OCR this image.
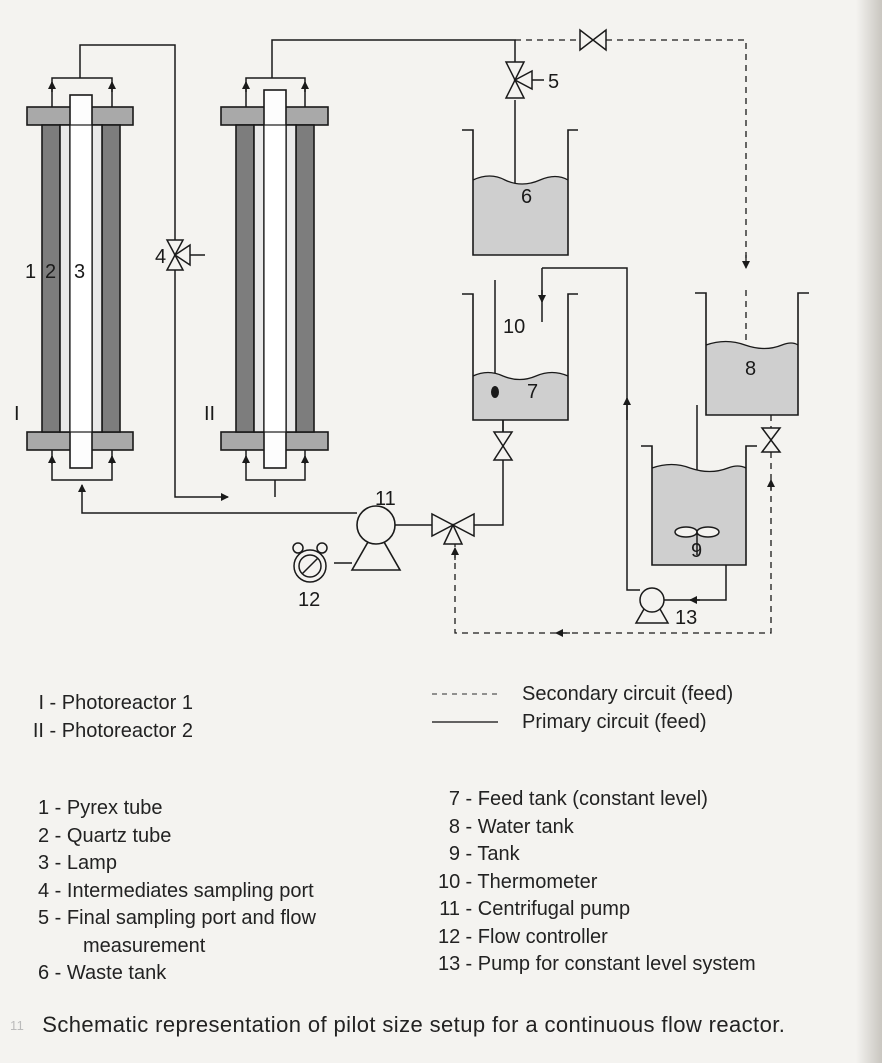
1 2 3
4
5
6
7
8
9
10
11
12
13
I	II
Secondary circuit (feed)
Primary circuit (feed)
I - Photoreactor 1
II - Photoreactor 2
1 - Pyrex tube
2 - Quartz tube
3 - Lamp
4 - Intermediates sampling port
5 - Final sampling port and flow
measurement
6 - Waste tank
7 - Feed tank (constant level)
8 - Water tank
9 - Tank
10 - Thermometer
11 - Centrifugal pump
12 - Flow controller
13 - Pump for constant level system
11 Schematic representation of pilot size setup for a continuous flow reactor.
